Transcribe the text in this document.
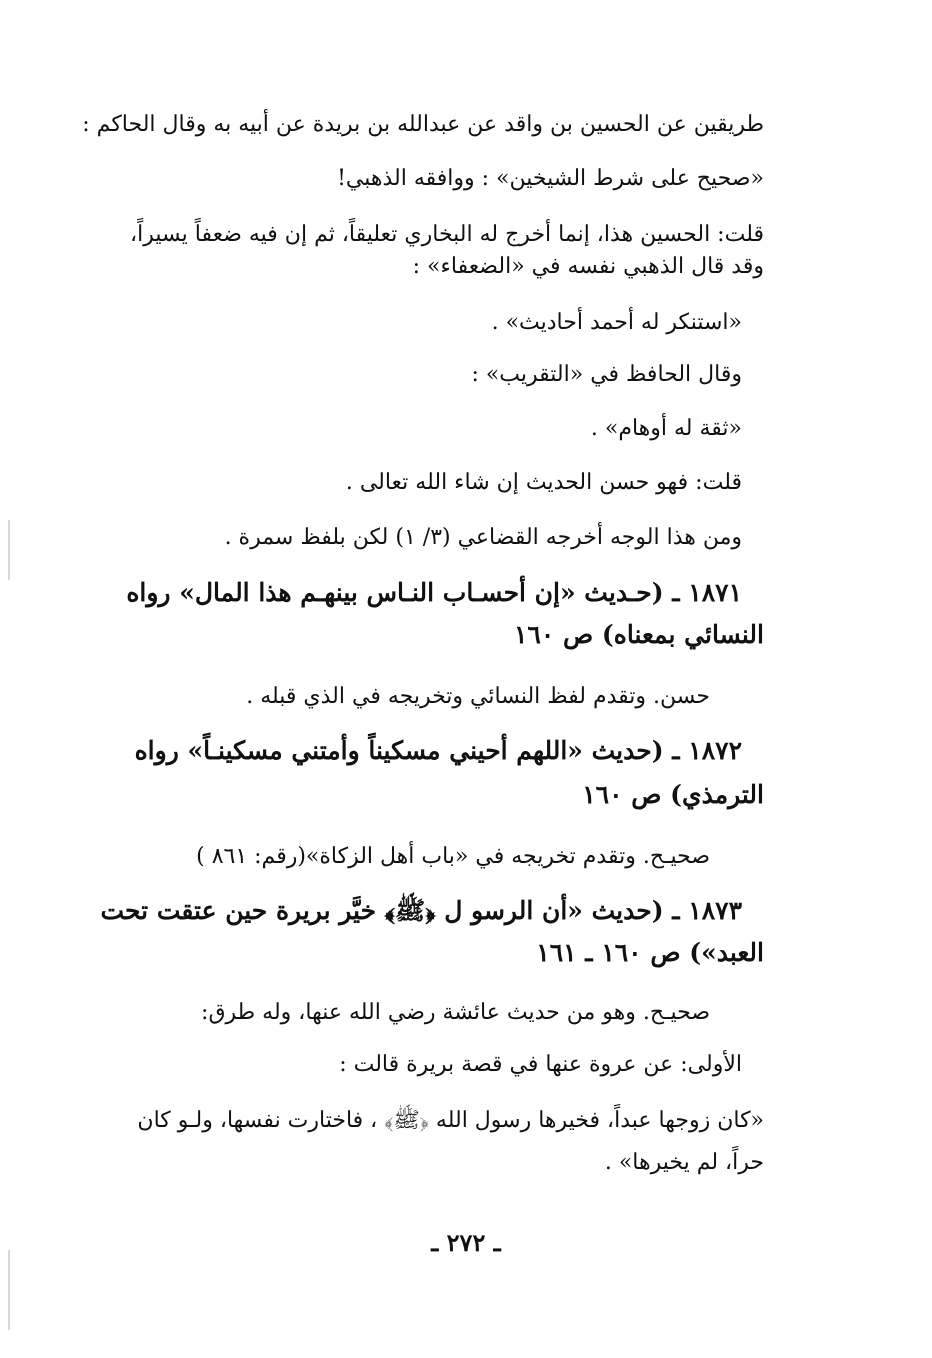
طريقين عن الحسين بن واقد عن عبدالله بن بريدة عن أبيه به وقال الحاكم :
«صحيح على شرط الشيخين» : ووافقه الذهبي!
قلت: الحسين هذا، إنما أخرج له البخاري تعليقاً، ثم إن فيه ضعفاً يسيراً،
وقد قال الذهبي نفسه في «الضعفاء» :
«استنكر له أحمد أحاديث» .
وقال الحافظ في «التقريب» :
«ثقة له أوهام» .
قلت: فهو حسن الحديث إن شاء الله تعالى .
ومن هذا الوجه أخرجه القضاعي (٣/ ١) لكن بلفظ سمرة .
١٨٧١ ـ (حـديث «إن أحسـاب النـاس بينهـم هذا المال» رواه
النسائي بمعناه) ص ١٦٠
حسن. وتقدم لفظ النسائي وتخريجه في الذي قبله .
١٨٧٢ ـ (حديث «اللهم أحيني مسكيناً وأمتني مسكينـاً» رواه
الترمذي) ص ١٦٠
صحيـح. وتقدم تخريجه في «باب أهل الزكاة»(رقم: ٨٦١ )
١٨٧٣ ـ (حديث «أن الرسو ل ﴿ﷺ﴾ خيَّر بريرة حين عتقت تحت
العبد») ص ١٦٠ ـ ١٦١
صحيـح. وهو من حديث عائشة رضي الله عنها، وله طرق:
الأولى: عن عروة عنها في قصة بريرة قالت :
«كان زوجها عبداً، فخيرها رسول الله ﴿ﷺ﴾ ، فاختارت نفسها، ولـو كان
حراً، لم يخيرها» .
ـ ٢٧٢ ـ
